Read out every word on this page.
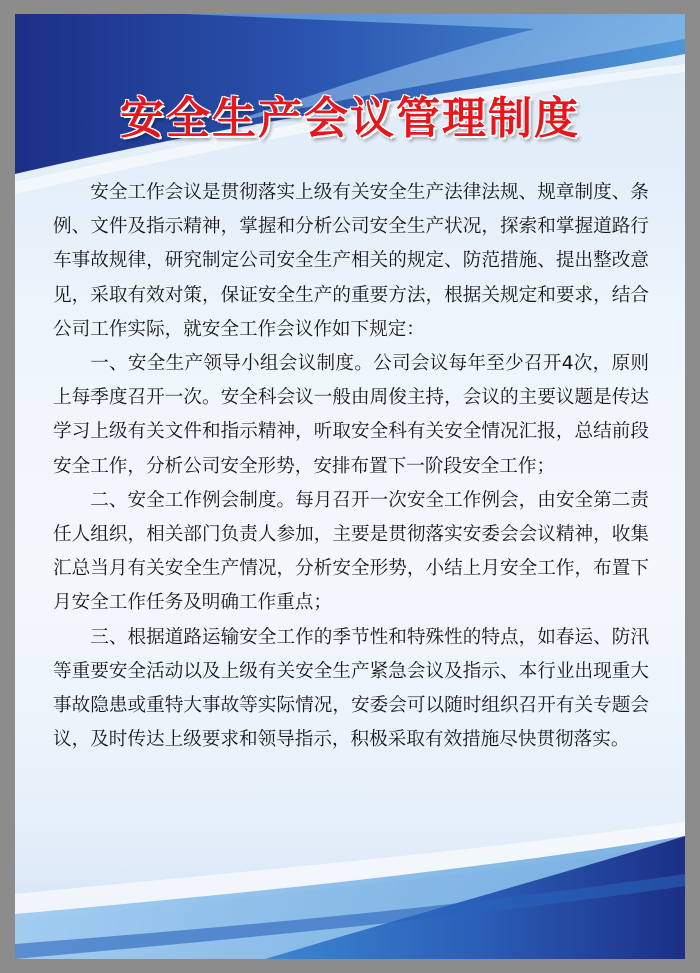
安全生产会议管理制度

安全工作会议是贯彻落实上级有关安全生产法律法规、规章制度、条例、文件及指示精神，掌握和分析公司安全生产状况，探索和掌握道路行车事故规律，研究制定公司安全生产相关的规定、防范措施、提出整改意见，采取有效对策，保证安全生产的重要方法，根据关规定和要求，结合公司工作实际，就安全工作会议作如下规定：

一、安全生产领导小组会议制度。公司会议每年至少召开4次，原则上每季度召开一次。安全科会议一般由周俊主持，会议的主要议题是传达学习上级有关文件和指示精神，听取安全科有关安全情况汇报，总结前段安全工作，分析公司安全形势，安排布置下一阶段安全工作；

二、安全工作例会制度。每月召开一次安全工作例会，由安全第二责任人组织，相关部门负责人参加，主要是贯彻落实安委会会议精神，收集汇总当月有关安全生产情况，分析安全形势，小结上月安全工作，布置下月安全工作任务及明确工作重点；

三、根据道路运输安全工作的季节性和特殊性的特点，如春运、防汛等重要安全活动以及上级有关安全生产紧急会议及指示、本行业出现重大事故隐患或重特大事故等实际情况，安委会可以随时组织召开有关专题会议，及时传达上级要求和领导指示，积极采取有效措施尽快贯彻落实。
